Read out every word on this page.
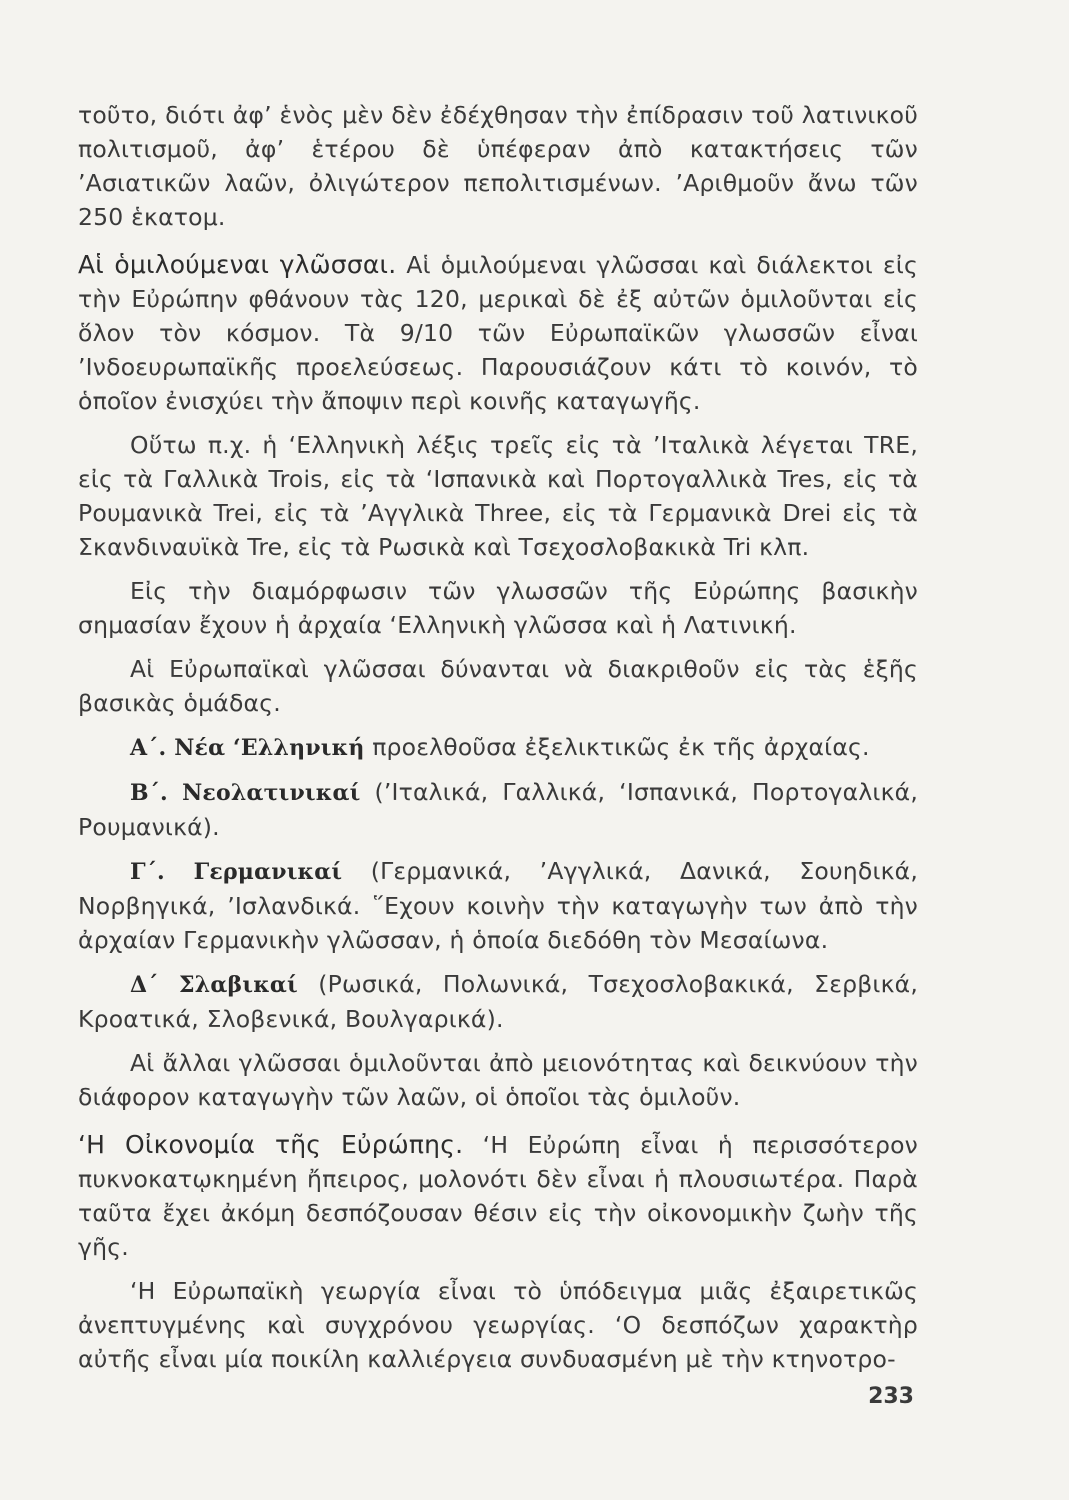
τοῦτο, διότι ἀφ’ ἑνὸς μὲν δὲν ἐδέχθησαν τὴν ἐπίδρασιν τοῦ λατινικοῦ πολιτισμοῦ, ἀφ’ ἑτέρου δὲ ὑπέφεραν ἀπὸ κατακτήσεις τῶν ’Ασιατικῶν λαῶν, ὀλιγώτερον πεπολιτισμένων. ’Αριθμοῦν ἄνω τῶν 250 ἑκατομ.

Αἱ ὁμιλούμεναι γλῶσσαι. Αἱ ὁμιλούμεναι γλῶσσαι καὶ διάλεκτοι εἰς τὴν Εὐρώπην φθάνουν τὰς 120, μερικαὶ δὲ ἐξ αὐτῶν ὁμιλοῦνται εἰς ὅλον τὸν κόσμον. Τὰ 9/10 τῶν Εὐρωπαϊκῶν γλωσσῶν εἶναι ’Ινδοευρωπαϊκῆς προελεύσεως. Παρουσιάζουν κάτι τὸ κοινόν, τὸ ὁποῖον ἐνισχύει τὴν ἄποψιν περὶ κοινῆς καταγωγῆς.

Οὕτω π.χ. ἡ ‘Ελληνικὴ λέξις τρεῖς εἰς τὰ ’Ιταλικὰ λέγεται TRE, εἰς τὰ Γαλλικὰ Trois, εἰς τὰ ‘Ισπανικὰ καὶ Πορτογαλλικὰ Tres, εἰς τὰ Ρουμανικὰ Trei, εἰς τὰ ’Αγγλικὰ Three, εἰς τὰ Γερμανικὰ Drei εἰς τὰ Σκανδιναυϊκὰ Tre, εἰς τὰ Ρωσικὰ καὶ Τσεχοσλοβακικὰ Tri κλπ.

Εἰς τὴν διαμόρφωσιν τῶν γλωσσῶν τῆς Εὐρώπης βασικὴν σημασίαν ἔχουν ἡ ἀρχαία ‘Ελληνικὴ γλῶσσα καὶ ἡ Λατινική.

Αἱ Εὐρωπαϊκαὶ γλῶσσαι δύνανται νὰ διακριθοῦν εἰς τὰς ἑξῆς βασικὰς ὁμάδας.

Α΄. Νέα ‘Ελληνική προελθοῦσα ἐξελικτικῶς ἐκ τῆς ἀρχαίας.

Β΄. Νεολατινικαί (’Ιταλικά, Γαλλικά, ‘Ισπανικά, Πορτογαλικά, Ρουμανικά).

Γ΄. Γερμανικαί (Γερμανικά, ’Αγγλικά, Δανικά, Σουηδικά, Νορβηγικά, ’Ισλανδικά. ῞Εχουν κοινὴν τὴν καταγωγὴν των ἀπὸ τὴν ἀρχαίαν Γερμανικὴν γλῶσσαν, ἡ ὁποία διεδόθη τὸν Μεσαίωνα.

Δ΄ Σλαβικαί (Ρωσικά, Πολωνικά, Τσεχοσλοβακικά, Σερβικά, Κροατικά, Σλοβενικά, Βουλγαρικά).

Αἱ ἄλλαι γλῶσσαι ὁμιλοῦνται ἀπὸ μειονότητας καὶ δεικνύουν τὴν διάφορον καταγωγὴν τῶν λαῶν, οἱ ὁποῖοι τὰς ὁμιλοῦν.

‘Η Οἰκονομία τῆς Εὐρώπης. ‘Η Εὐρώπη εἶναι ἡ περισσότερον πυκνοκατῳκημένη ἤπειρος, μολονότι δὲν εἶναι ἡ πλουσιωτέρα. Παρὰ ταῦτα ἔχει ἀκόμη δεσπόζουσαν θέσιν εἰς τὴν οἰκονομικὴν ζωὴν τῆς γῆς.

‘Η Εὐρωπαϊκὴ γεωργία εἶναι τὸ ὑπόδειγμα μιᾶς ἐξαιρετικῶς ἀνεπτυγμένης καὶ συγχρόνου γεωργίας. ‘Ο δεσπόζων χαρακτὴρ αὐτῆς εἶναι μία ποικίλη καλλιέργεια συνδυασμένη μὲ τὴν κτηνοτρο-

233
